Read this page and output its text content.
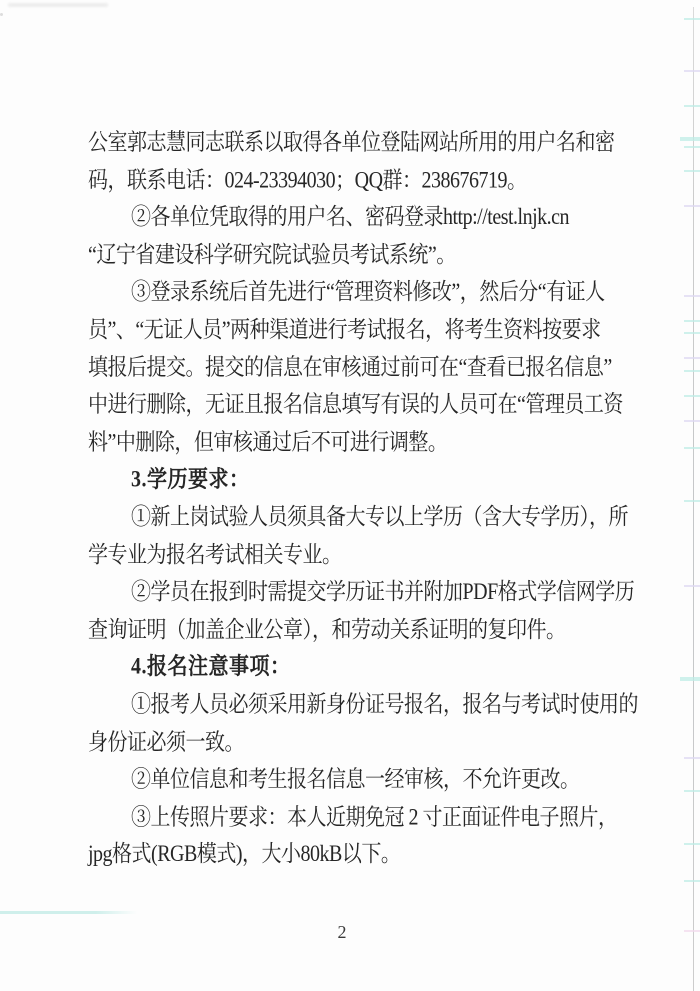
公室郭志慧同志联系以取得各单位登陆网站所用的用户名和密
码，联系电话：024-23394030；QQ群：238676719。
②各单位凭取得的用户名、密码登录http://test.lnjk.cn
“辽宁省建设科学研究院试验员考试系统”。
③登录系统后首先进行“管理资料修改”，然后分“有证人
员”、“无证人员”两种渠道进行考试报名，将考生资料按要求
填报后提交。提交的信息在审核通过前可在“查看已报名信息”
中进行删除，无证且报名信息填写有误的人员可在“管理员工资
料”中删除，但审核通过后不可进行调整。
3.学历要求：
①新上岗试验人员须具备大专以上学历（含大专学历），所
学专业为报名考试相关专业。
②学员在报到时需提交学历证书并附加PDF格式学信网学历
查询证明（加盖企业公章），和劳动关系证明的复印件。
4.报名注意事项：
①报考人员必须采用新身份证号报名，报名与考试时使用的
身份证必须一致。
②单位信息和考生报名信息一经审核，不允许更改。
③上传照片要求：本人近期免冠 2 寸正面证件电子照片，
jpg格式(RGB模式)，大小80kB以下。
2
